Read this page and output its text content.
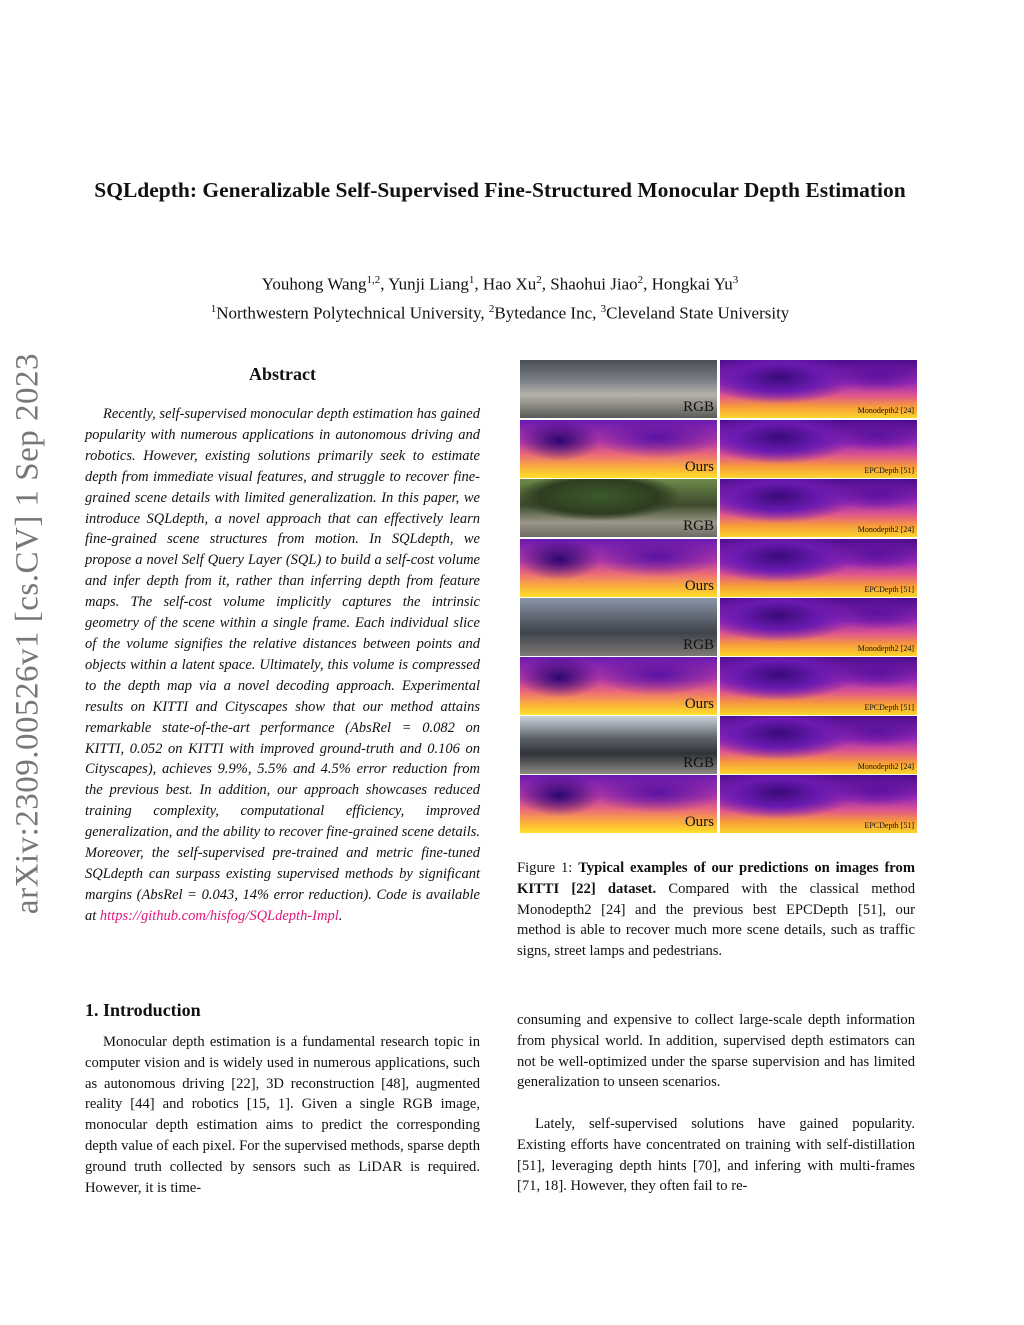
arXiv:2309.00526v1 [cs.CV] 1 Sep 2023
SQLdepth: Generalizable Self-Supervised Fine-Structured Monocular Depth Estimation
Youhong Wang$^{1,2}$, Yunji Liang$^1$, Hao Xu$^2$, Shaohui Jiao$^2$, Hongkai Yu$^3$
$^1$Northwestern Polytechnical University, $^2$Bytedance Inc, $^3$Cleveland State University
Abstract

Recently, self-supervised monocular depth estimation has gained popularity with numerous applications in autonomous driving and robotics. However, existing solutions primarily seek to estimate depth from immediate visual features, and struggle to recover fine-grained scene details with limited generalization. In this paper, we introduce SQLdepth, a novel approach that can effectively learn fine-grained scene structures from motion. In SQLdepth, we propose a novel Self Query Layer (SQL) to build a self-cost volume and infer depth from it, rather than inferring depth from feature maps. The self-cost volume implicitly captures the intrinsic geometry of the scene within a single frame. Each individual slice of the volume signifies the relative distances between points and objects within a latent space. Ultimately, this volume is compressed to the depth map via a novel decoding approach. Experimental results on KITTI and Cityscapes show that our method attains remarkable state-of-the-art performance (AbsRel = 0.082 on KITTI, 0.052 on KITTI with improved ground-truth and 0.106 on Cityscapes), achieves 9.9%, 5.5% and 4.5% error reduction from the previous best. In addition, our approach showcases reduced training complexity, computational efficiency, improved generalization, and the ability to recover fine-grained scene details. Moreover, the self-supervised pre-trained and metric fine-tuned SQLdepth can surpass existing supervised methods by significant margins (AbsRel = 0.043, 14% error reduction). Code is available at https://github.com/hisfog/SQLdepth-Impl.

RGB	Monodepth2 [24]
Ours	EPCDepth [51]
RGB	Monodepth2 [24]
Ours	EPCDepth [51]
RGB	Monodepth2 [24]
Ours	EPCDepth [51]
RGB	Monodepth2 [24]
Ours	EPCDepth [51]

Figure 1: Typical examples of our predictions on images from KITTI [22] dataset. Compared with the classical method Monodepth2 [24] and the previous best EPCDepth [51], our method is able to recover much more scene details, such as traffic signs, street lamps and pedestrians.

1. Introduction

Monocular depth estimation is a fundamental research topic in computer vision and is widely used in numerous applications, such as autonomous driving [22], 3D reconstruction [48], augmented reality [44] and robotics [15, 1]. Given a single RGB image, monocular depth estimation aims to predict the corresponding depth value of each pixel. For the supervised methods, sparse depth ground truth collected by sensors such as LiDAR is required. However, it is time-

consuming and expensive to collect large-scale depth information from physical world. In addition, supervised depth estimators can not be well-optimized under the sparse supervision and has limited generalization to unseen scenarios.

Lately, self-supervised solutions have gained popularity. Existing efforts have concentrated on training with self-distillation [51], leveraging depth hints [70], and infering with multi-frames [71, 18]. However, they often fail to re-
